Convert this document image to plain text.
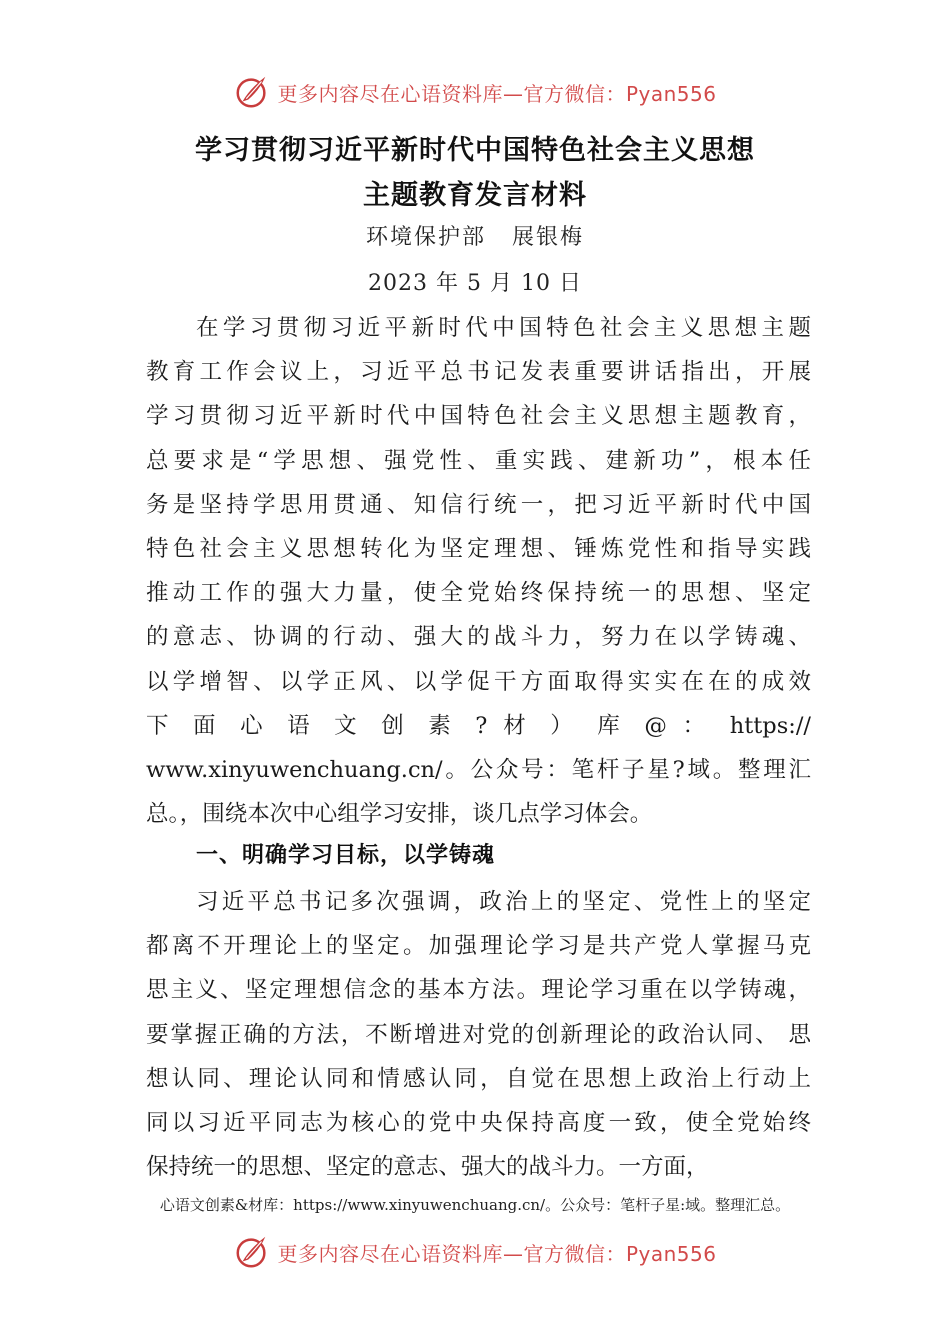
更多内容尽在心语资料库—官方微信：Pyan556
学习贯彻习近平新时代中国特色社会主义思想
主题教育发言材料
环境保护部 展银梅
2023 年 5 月 10 日
在学习贯彻习近平新时代中国特色社会主义思想主题
教育工作会议上，习近平总书记发表重要讲话指出，开展
学习贯彻习近平新时代中国特色社会主义思想主题教育，
总要求是“学思想、强党性、重实践、建新功”，根本任
务是坚持学思用贯通、知信行统一，把习近平新时代中国
特色社会主义思想转化为坚定理想、锤炼党性和指导实践
推动工作的强大力量，使全党始终保持统一的思想、坚定
的意志、协调的行动、强大的战斗力，努力在以学铸魂、
以学增智、以学正风、以学促干方面取得实实在在的成效
下 面 心 语 文 创 素 ? 材 ） 库 @ ： https://
www.xinyuwenchuang.cn/。公众号：笔杆子星?域。整理汇
总。，围绕本次中心组学习安排，谈几点学习体会。
一、明确学习目标，以学铸魂
习近平总书记多次强调，政治上的坚定、党性上的坚定
都离不开理论上的坚定。加强理论学习是共产党人掌握马克
思主义、坚定理想信念的基本方法。理论学习重在以学铸魂，
要掌握正确的方法，不断增进对党的创新理论的政治认同、 思
想认同、理论认同和情感认同，自觉在思想上政治上行动上
同以习近平同志为核心的党中央保持高度一致，使全党始终
保持统一的思想、坚定的意志、强大的战斗力。一方面，
心语文创素&材库：https://www.xinyuwenchuang.cn/。公众号：笔杆子星:域。整理汇总。
更多内容尽在心语资料库—官方微信：Pyan556
